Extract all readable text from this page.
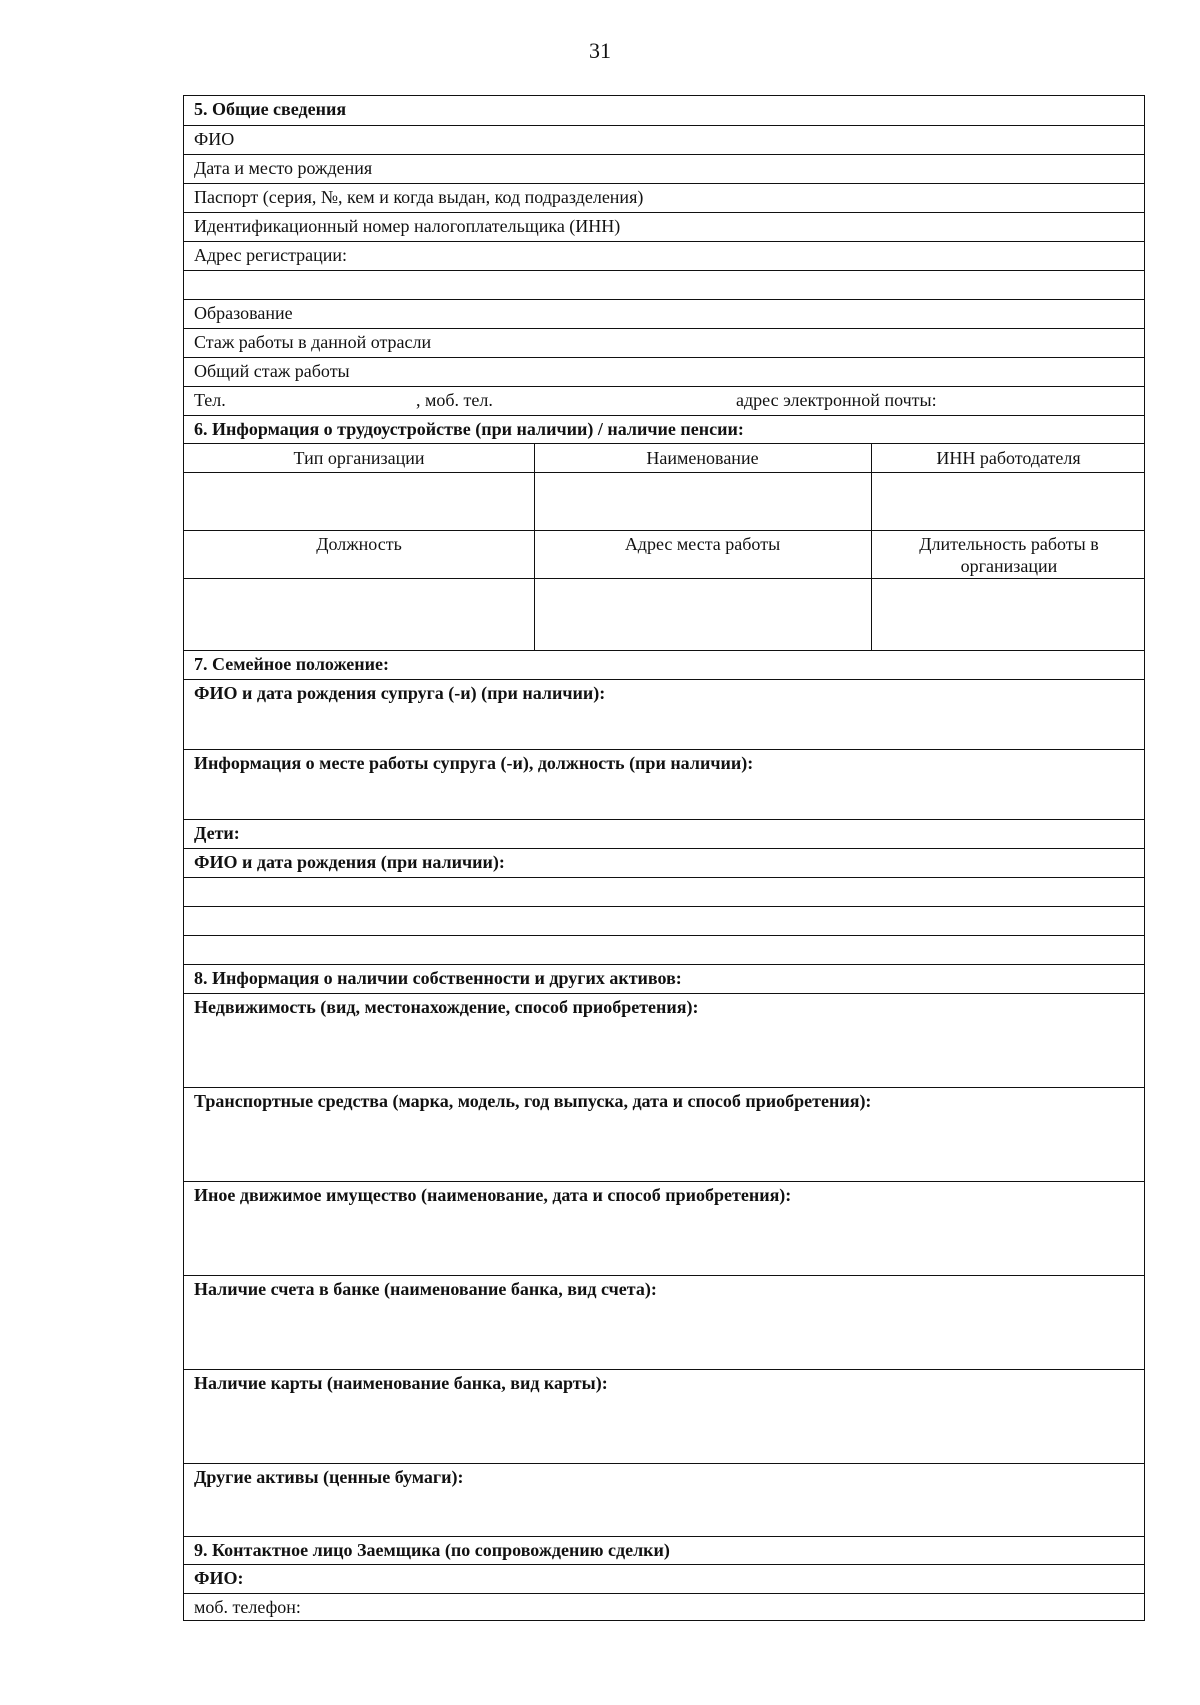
31
5. Общие сведения
ФИО
Дата и место рождения
Паспорт (серия, №, кем и когда выдан, код подразделения)
Идентификационный номер налогоплательщика (ИНН)
Адрес регистрации:
Образование
Стаж работы в данной отрасли
Общий стаж работы
Тел.	, моб. тел.	адрес электронной почты:
6. Информация о трудоустройстве (при наличии) / наличие пенсии:
Тип организации	Наименование	ИНН работодателя
Должность	Адрес места работы	Длительность работы в организации
7. Семейное положение:
ФИО и дата рождения супруга (-и) (при наличии):
Информация о месте работы супруга (-и), должность (при наличии):
Дети:
ФИО и дата рождения (при наличии):
8. Информация о наличии собственности и других активов:
Недвижимость (вид, местонахождение, способ приобретения):
Транспортные средства (марка, модель, год выпуска, дата и способ приобретения):
Иное движимое имущество (наименование, дата и способ приобретения):
Наличие счета в банке (наименование банка, вид счета):
Наличие карты (наименование банка, вид карты):
Другие активы (ценные бумаги):
9. Контактное лицо Заемщика (по сопровождению сделки)
ФИО:
моб. телефон:
